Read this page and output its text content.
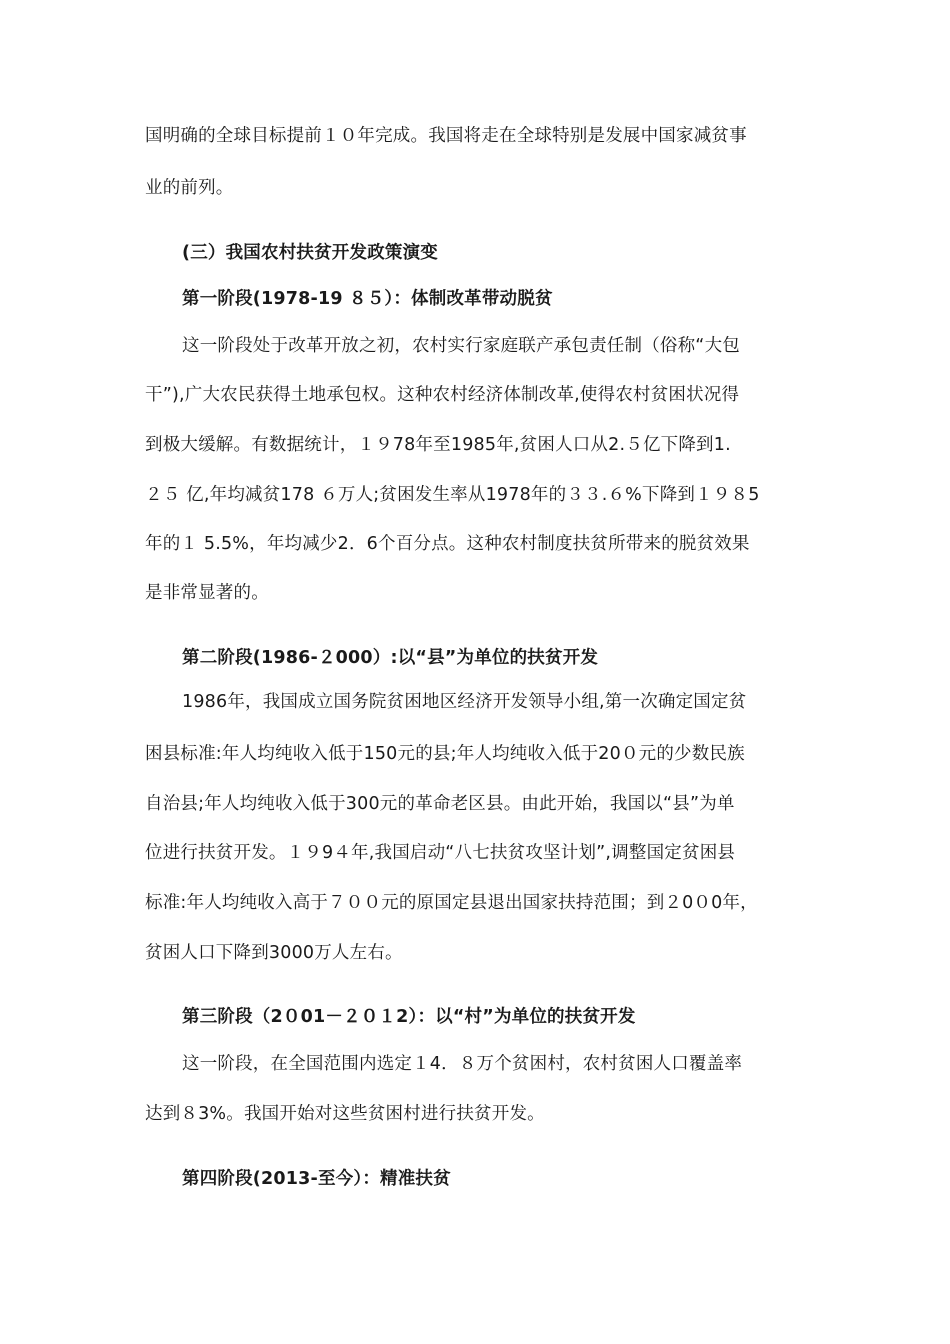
国明确的全球目标提前１０年完成。我国将走在全球特别是发展中国家减贫事
业的前列。
(三）我国农村扶贫开发政策演变
第一阶段(1978-19 ８５）：体制改革带动脱贫
这一阶段处于改革开放之初，农村实行家庭联产承包责任制（俗称“大包
干”),广大农民获得土地承包权。这种农村经济体制改革,使得农村贫困状况得
到极大缓解。有数据统计，１９78年至1985年,贫困人口从2.５亿下降到1.
２５ 亿,年均减贫178 ６万人;贫困发生率从1978年的３３.６%下降到１９８5
年的１ 5.5%，年均减少2．6个百分点。这种农村制度扶贫所带来的脱贫效果
是非常显著的。
第二阶段(1986-２000）:以“县”为单位的扶贫开发
1986年，我国成立国务院贫困地区经济开发领导小组,第一次确定国定贫
困县标准:年人均纯收入低于150元的县;年人均纯收入低于20０元的少数民族
自治县;年人均纯收入低于300元的革命老区县。由此开始，我国以“县”为单
位进行扶贫开发。１９9４年,我国启动“八七扶贫攻坚计划”,调整国定贫困县
标准:年人均纯收入高于７００元的原国定县退出国家扶持范围；到２0０0年，
贫困人口下降到3000万人左右。
第三阶段（2０01－２０１2）：以“村”为单位的扶贫开发
这一阶段，在全国范围内选定１4．８万个贫困村，农村贫困人口覆盖率
达到８3%。我国开始对这些贫困村进行扶贫开发。
第四阶段(2013-至今）：精准扶贫
